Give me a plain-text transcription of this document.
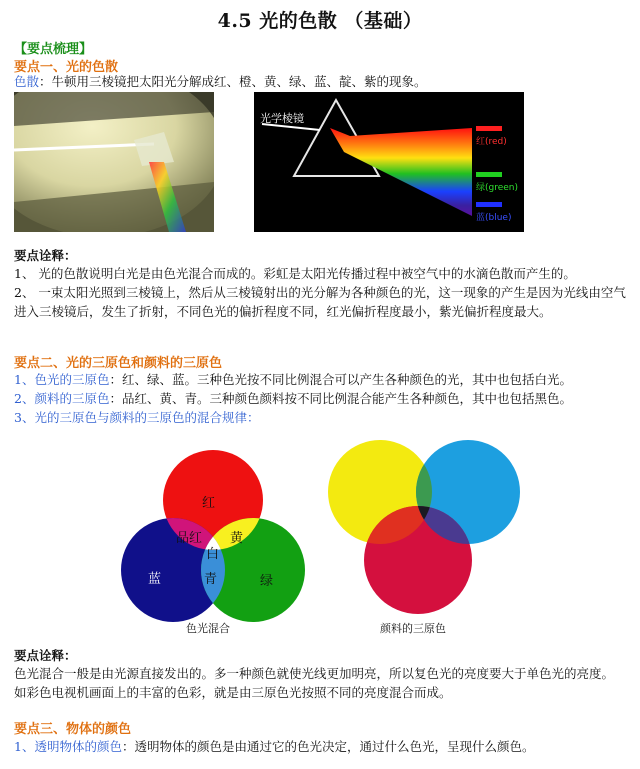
4.5 光的色散 （基础）
【要点梳理】
要点一、光的色散
色散：牛顿用三棱镜把太阳光分解成红、橙、黄、绿、蓝、靛、紫的现象。
光学棱镜
红(red)
绿(green)
蓝(blue)
要点诠释：
1、 光的色散说明白光是由色光混合而成的。彩虹是太阳光传播过程中被空气中的水滴色散而产生的。
2、 一束太阳光照到三棱镜上，然后从三棱镜射出的光分解为各种颜色的光，这一现象的产生是因为光线由空气进入三棱镜后，发生了折射，不同色光的偏折程度不同，红光偏折程度最小，紫光偏折程度最大。
要点二、光的三原色和颜料的三原色
1、色光的三原色：红、绿、蓝。三种色光按不同比例混合可以产生各种颜色的光，其中也包括白光。
2、颜料的三原色：品红、黄、青。三种颜色颜料按不同比例混合能产生各种颜色，其中也包括黑色。
3、光的三原色与颜料的三原色的混合规律：
红
品红 黄
白
蓝	青	绿
色光混合	颜料的三原色
要点诠释：
色光混合一般是由光源直接发出的。多一种颜色就使光线更加明亮，所以复色光的亮度要大于单色光的亮度。如彩色电视机画面上的丰富的色彩，就是由三原色光按照不同的亮度混合而成。
要点三、物体的颜色
1、透明物体的颜色：透明物体的颜色是由通过它的色光决定，通过什么色光，呈现什么颜色。
